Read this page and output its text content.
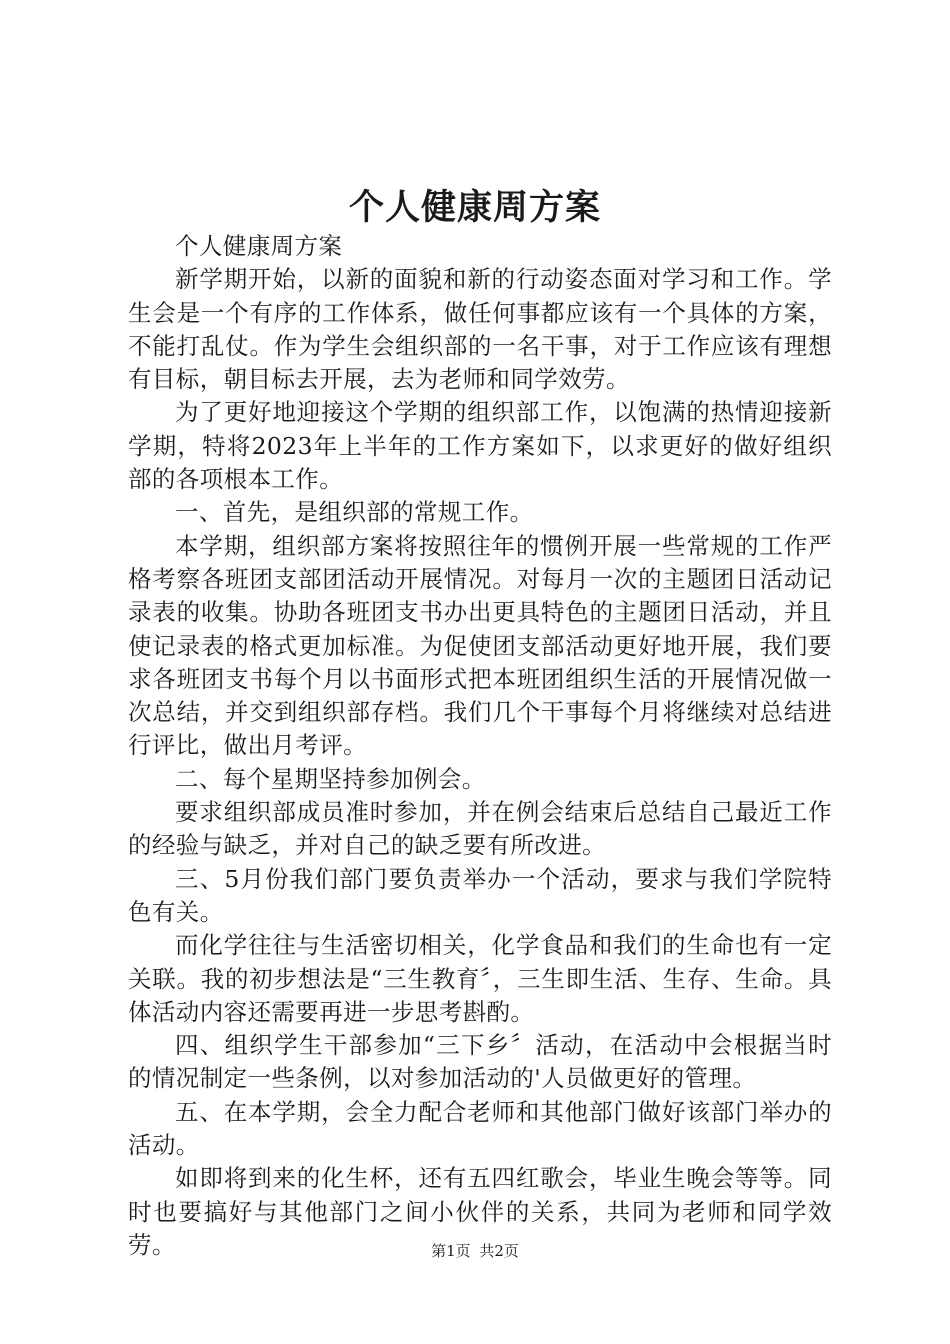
个人健康周方案

个人健康周方案

新学期开始，以新的面貌和新的行动姿态面对学习和工作。学生会是一个有序的工作体系，做任何事都应该有一个具体的方案，不能打乱仗。作为学生会组织部的一名干事，对于工作应该有理想有目标，朝目标去开展，去为老师和同学效劳。

为了更好地迎接这个学期的组织部工作，以饱满的热情迎接新学期，特将2023年上半年的工作方案如下，以求更好的做好组织部的各项根本工作。

一、首先，是组织部的常规工作。

本学期，组织部方案将按照往年的惯例开展一些常规的工作严格考察各班团支部团活动开展情况。对每月一次的主题团日活动记录表的收集。协助各班团支书办出更具特色的主题团日活动，并且使记录表的格式更加标准。为促使团支部活动更好地开展，我们要求各班团支书每个月以书面形式把本班团组织生活的开展情况做一次总结，并交到组织部存档。我们几个干事每个月将继续对总结进行评比，做出月考评。

二、每个星期坚持参加例会。

要求组织部成员准时参加，并在例会结束后总结自己最近工作的经验与缺乏，并对自己的缺乏要有所改进。

三、5月份我们部门要负责举办一个活动，要求与我们学院特色有关。

而化学往往与生活密切相关，化学食品和我们的生命也有一定关联。我的初步想法是“三生教育〞，三生即生活、生存、生命。具体活动内容还需要再进一步思考斟酌。

四、组织学生干部参加“三下乡〞活动，在活动中会根据当时的情况制定一些条例，以对参加活动的'人员做更好的管理。

五、在本学期，会全力配合老师和其他部门做好该部门举办的活动。

如即将到来的化生杯，还有五四红歌会，毕业生晚会等等。同时也要搞好与其他部门之间小伙伴的关系，共同为老师和同学效劳。	第1页 共2页
